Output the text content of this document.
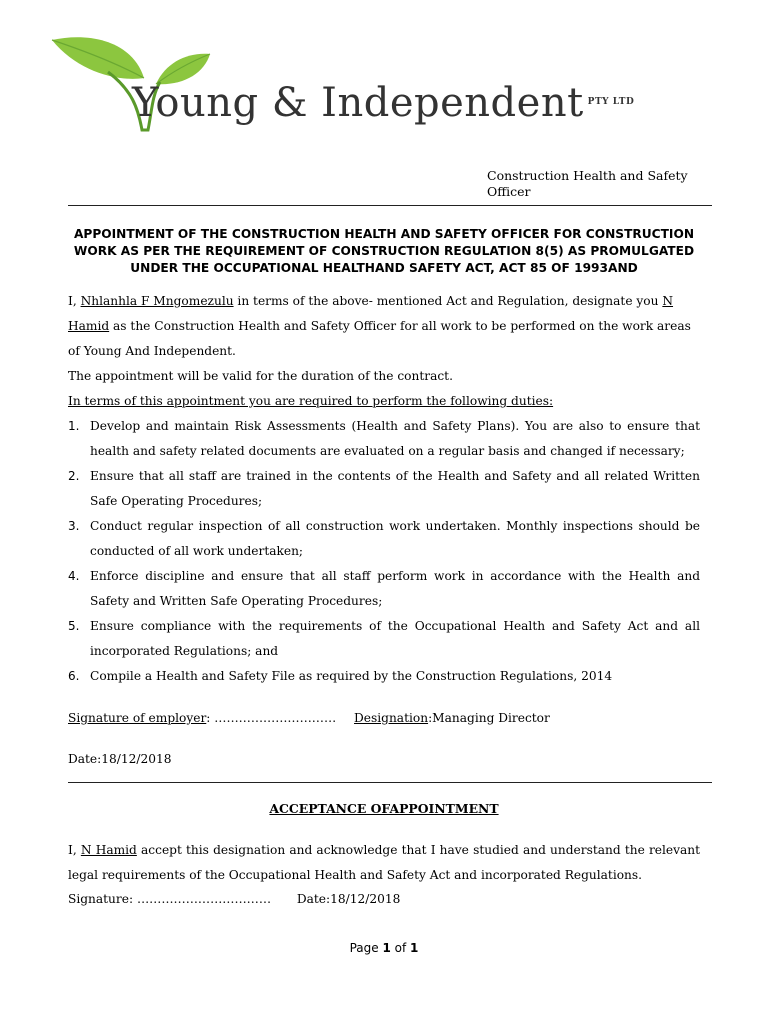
Young & Independent $^{PTY LTD}$
Construction Health and Safety Officer
APPOINTMENT OF THE CONSTRUCTION HEALTH AND SAFETY OFFICER FOR CONSTRUCTION WORK AS PER THE REQUIREMENT OF CONSTRUCTION REGULATION 8(5) AS PROMULGATED UNDER THE OCCUPATIONAL HEALTHAND SAFETY ACT, ACT 85 OF 1993AND
I, Nhlanhla F Mngomezulu in terms of the above- mentioned Act and Regulation, designate you N Hamid as the Construction Health and Safety Officer for all work to be performed on the work areas of Young And Independent.
The appointment will be valid for the duration of the contract.
In terms of this appointment you are required to perform the following duties:
1. Develop and maintain Risk Assessments (Health and Safety Plans). You are also to ensure that health and safety related documents are evaluated on a regular basis and changed if necessary;
2. Ensure that all staff are trained in the contents of the Health and Safety and all related Written Safe Operating Procedures;
3. Conduct regular inspection of all construction work undertaken. Monthly inspections should be conducted of all work undertaken;
4. Enforce discipline and ensure that all staff perform work in accordance with the Health and Safety and Written Safe Operating Procedures;
5. Ensure compliance with the requirements of the Occupational Health and Safety Act and all incorporated Regulations; and
6. Compile a Health and Safety File as required by the Construction Regulations, 2014
Signature of employer: ………………………… Designation:Managing Director
Date:18/12/2018
ACCEPTANCE OFAPPOINTMENT
I, N Hamid accept this designation and acknowledge that I have studied and understand the relevant legal requirements of the Occupational Health and Safety Act and incorporated Regulations.
Signature: …………………………… Date:18/12/2018
Page 1 of 1
